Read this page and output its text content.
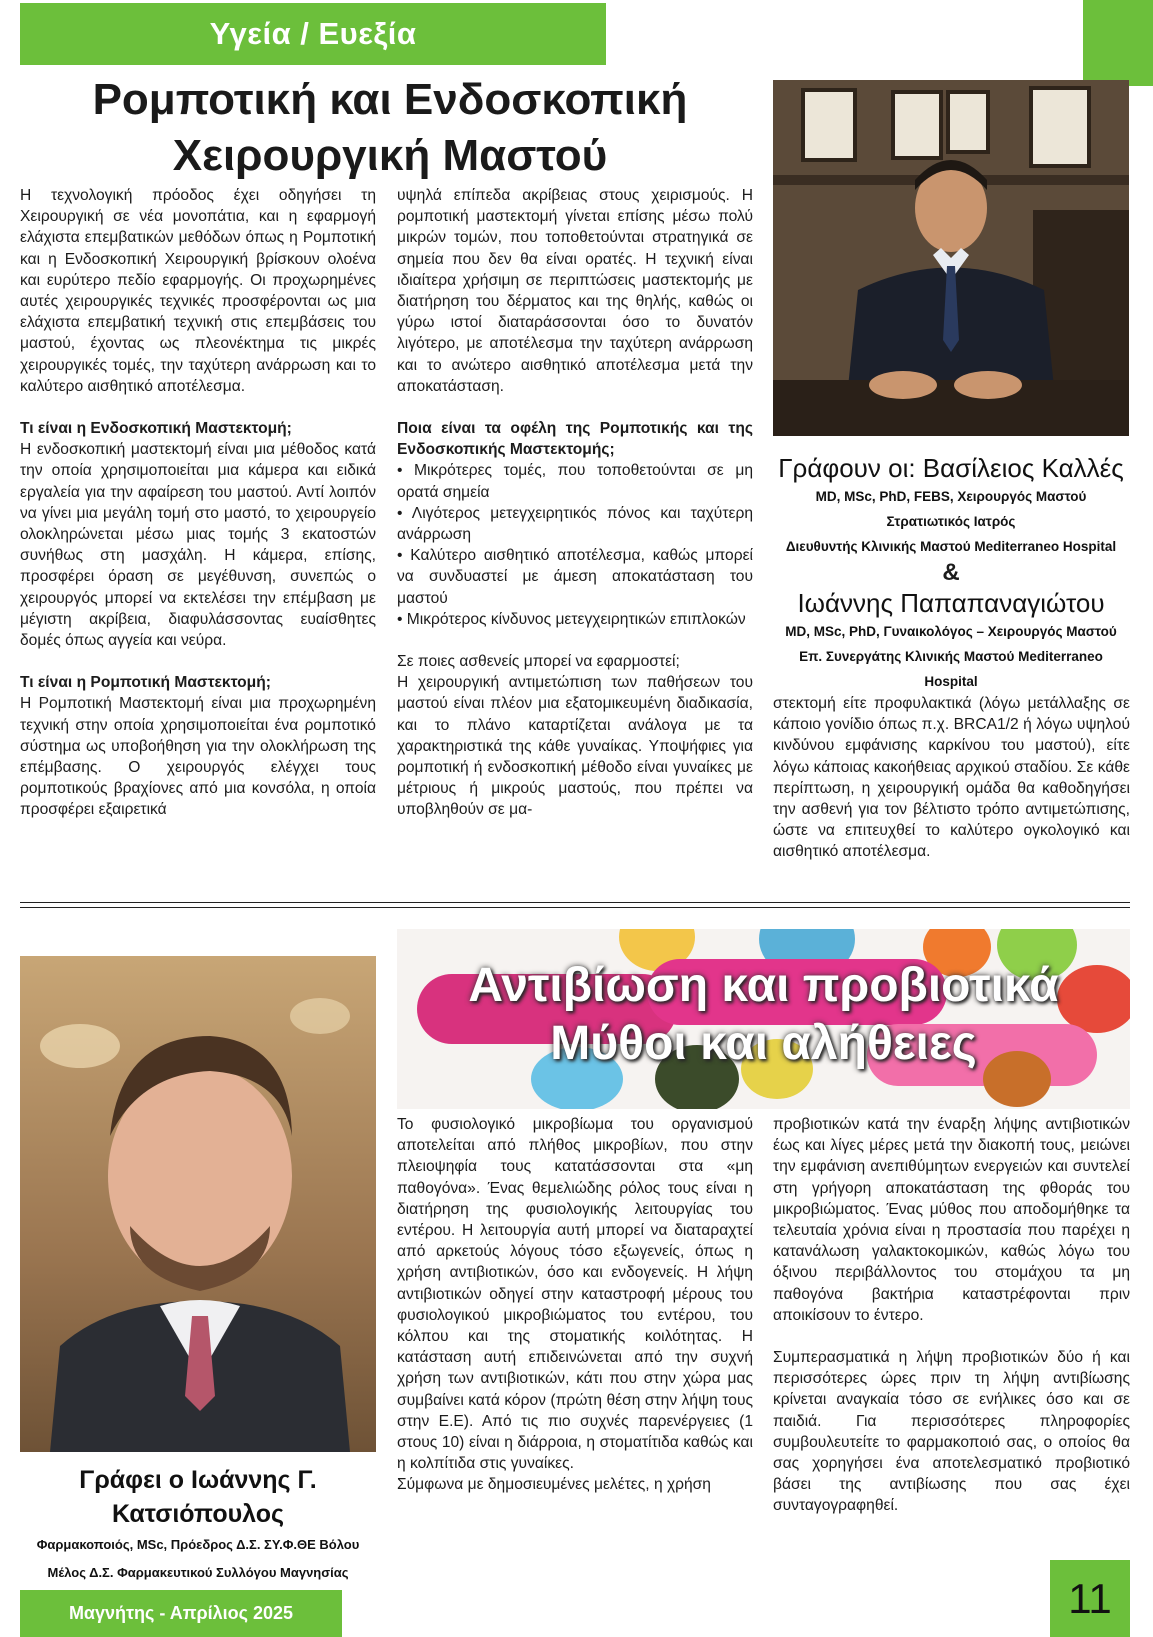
Υγεία / Ευεξία
Ρομποτική και Ενδοσκοπική
Χειρουργική Μαστού

Η τεχνολογική πρόοδος έχει οδηγήσει τη Χειρουργική σε νέα μονοπάτια, και η εφαρμογή ελάχιστα επεμβατικών μεθόδων όπως η Ρομποτική και η Ενδοσκοπική Χειρουργική βρίσκουν ολοένα και ευρύτερο πεδίο εφαρμογής. Οι προχωρημένες αυτές χειρουργικές τεχνικές προσφέρονται ως μια ελάχιστα επεμβατική τεχνική στις επεμβάσεις του μαστού, έχοντας ως πλεονέκτημα τις μικρές χειρουργικές τομές, την ταχύτερη ανάρρωση και το καλύτερο αισθητικό αποτέλεσμα.

Τι είναι η Ενδοσκοπική Μαστεκτομή;

Η ενδοσκοπική μαστεκτομή είναι μια μέθοδος κατά την οποία χρησιμοποιείται μια κάμερα και ειδικά εργαλεία για την αφαίρεση του μαστού. Αντί λοιπόν να γίνει μια μεγάλη τομή στο μαστό, το χειρουργείο ολοκληρώνεται μέσω μιας τομής 3 εκατοστών συνήθως στη μασχάλη. Η κάμερα, επίσης, προσφέρει όραση σε μεγέθυνση, συνεπώς ο χειρουργός μπορεί να εκτελέσει την επέμβαση με μέγιστη ακρίβεια, διαφυλάσσοντας ευαίσθητες δομές όπως αγγεία και νεύρα.

Τι είναι η Ρομποτική Μαστεκτομή;

Η Ρομποτική Μαστεκτομή είναι μια προχωρημένη τεχνική στην οποία χρησιμοποιείται ένα ρομποτικό σύστημα ως υποβοήθηση για την ολοκλήρωση της επέμβασης. Ο χειρουργός ελέγχει τους ρομποτικούς βραχίονες από μια κονσόλα, η οποία προσφέρει εξαιρετικά

υψηλά επίπεδα ακρίβειας στους χειρισμούς. Η ρομποτική μαστεκτομή γίνεται επίσης μέσω πολύ μικρών τομών, που τοποθετούνται στρατηγικά σε σημεία που δεν θα είναι ορατές. Η τεχνική είναι ιδιαίτερα χρήσιμη σε περιπτώσεις μαστεκτομής με διατήρηση του δέρματος και της θηλής, καθώς οι γύρω ιστοί διαταράσσονται όσο το δυνατόν λιγότερο, με αποτέλεσμα την ταχύτερη ανάρρωση και το ανώτερο αισθητικό αποτέλεσμα μετά την αποκατάσταση.

Ποια είναι τα οφέλη της Ρομποτικής και της Ενδοσκοπικής Μαστεκτομής;

• Μικρότερες τομές, που τοποθετούνται σε μη ορατά σημεία

• Λιγότερος μετεγχειρητικός πόνος και ταχύτερη ανάρρωση

• Καλύτερο αισθητικό αποτέλεσμα, καθώς μπορεί να συνδυαστεί με άμεση αποκατάσταση του μαστού

• Μικρότερος κίνδυνος μετεγχειρητικών επιπλοκών

Σε ποιες ασθενείς μπορεί να εφαρμοστεί;

Η χειρουργική αντιμετώπιση των παθήσεων του μαστού είναι πλέον μια εξατομικευμένη διαδικασία, και το πλάνο καταρτίζεται ανάλογα με τα χαρακτηριστικά της κάθε γυναίκας. Υποψήφιες για ρομποτική ή ενδοσκοπική μέθοδο είναι γυναίκες με μέτριους ή μικρούς μαστούς, που πρέπει να υποβληθούν σε μα-

Γράφουν οι: Βασίλειος Καλλές
MD, MSc, PhD, FEBS, Χειρουργός Μαστού
Στρατιωτικός Ιατρός
Διευθυντής Κλινικής Μαστού Mediterraneo Hospital
&
Ιωάννης Παπαπαναγιώτου
MD, MSc, PhD, Γυναικολόγος – Χειρουργός Μαστού
Επ. Συνεργάτης Κλινικής Μαστού Mediterraneo Hospital

στεκτομή είτε προφυλακτικά (λόγω μετάλλαξης σε κάποιο γονίδιο όπως π.χ. BRCA1/2 ή λόγω υψηλού κινδύνου εμφάνισης καρκίνου του μαστού), είτε λόγω κάποιας κακοήθειας αρχικού σταδίου. Σε κάθε περίπτωση, η χειρουργική ομάδα θα καθοδηγήσει την ασθενή για τον βέλτιστο τρόπο αντιμετώπισης, ώστε να επιτευχθεί το καλύτερο ογκολογικό και αισθητικό αποτέλεσμα.

Γράφει ο Ιωάννης Γ. Κατσιόπουλος
Φαρμακοποιός, MSc, Πρόεδρος Δ.Σ. ΣΥ.Φ.ΘΕ Βόλου
Μέλος Δ.Σ. Φαρμακευτικού Συλλόγου Μαγνησίας
Αντιβίωση και προβιοτικά
Μύθοι και αλήθειες

Το φυσιολογικό μικροβίωμα του οργανισμού αποτελείται από πλήθος μικροβίων, που στην πλειοψηφία τους κατατάσσονται στα «μη παθογόνα». Ένας θεμελιώδης ρόλος τους είναι η διατήρηση της φυσιολογικής λειτουργίας του εντέρου. Η λειτουργία αυτή μπορεί να διαταραχτεί από αρκετούς λόγους τόσο εξωγενείς, όπως η χρήση αντιβιοτικών, όσο και ενδογενείς. Η λήψη αντιβιοτικών οδηγεί στην καταστροφή μέρους του φυσιολογικού μικροβιώματος του εντέρου, του κόλπου και της στοματικής κοιλότητας. Η κατάσταση αυτή επιδεινώνεται από την συχνή χρήση των αντιβιοτικών, κάτι που στην χώρα μας συμβαίνει κατά κόρον (πρώτη θέση στην λήψη τους στην Ε.Ε). Από τις πιο συχνές παρενέργειες (1 στους 10) είναι η διάρροια, η στοματίτιδα καθώς και η κολπίτιδα στις γυναίκες.

Σύμφωνα με δημοσιευμένες μελέτες, η χρήση

προβιοτικών κατά την έναρξη λήψης αντιβιοτικών έως και λίγες μέρες μετά την διακοπή τους, μειώνει την εμφάνιση ανεπιθύμητων ενεργειών και συντελεί στη γρήγορη αποκατάσταση της φθοράς του μικροβιώματος. Ένας μύθος που αποδομήθηκε τα τελευταία χρόνια είναι η προστασία που παρέχει η κατανάλωση γαλακτοκομικών, καθώς λόγω του όξινου περιβάλλοντος του στομάχου τα μη παθογόνα βακτήρια καταστρέφονται πριν αποικίσουν το έντερο.

Συμπερασματικά η λήψη προβιοτικών δύο ή και περισσότερες ώρες πριν τη λήψη αντιβίωσης κρίνεται αναγκαία τόσο σε ενήλικες όσο και σε παιδιά. Για περισσότερες πληροφορίες συμβουλευτείτε το φαρμακοποιό σας, ο οποίος θα σας χορηγήσει ένα αποτελεσματικό προβιοτικό βάσει της αντιβίωσης που σας έχει συνταγογραφηθεί.

Μαγνήτης - Απρίλιος 2025	11
